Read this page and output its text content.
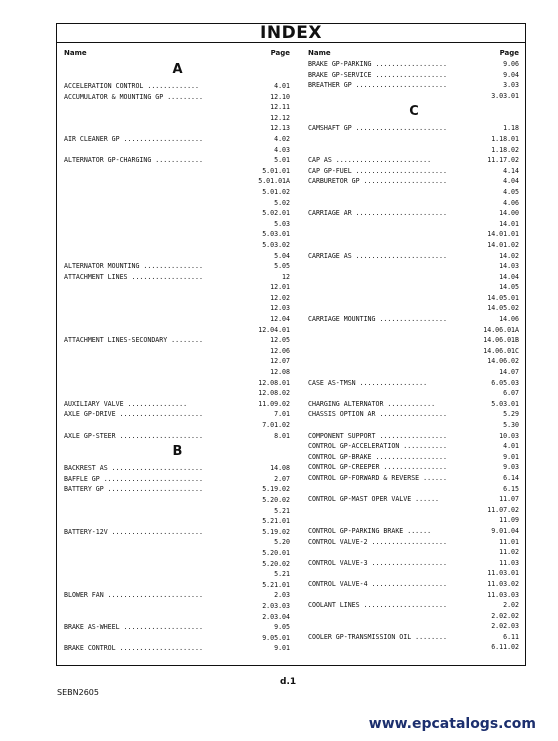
INDEX
Name	Page
A
ACCELERATION CONTROL .............	4.01
ACCUMULATOR & MOUNTING GP .........	12.10
12.11
12.12
12.13
AIR CLEANER GP ....................	4.02
4.03
ALTERNATOR GP-CHARGING ............	5.01
5.01.01
5.01.01A
5.01.02
5.02
5.02.01
5.03
5.03.01
5.03.02
5.04
ALTERNATOR MOUNTING ...............	5.05
ATTACHMENT LINES ..................	12
12.01
12.02
12.03
12.04
12.04.01
ATTACHMENT LINES-SECONDARY ........	12.05
12.06
12.07
12.08
12.08.01
12.08.02
AUXILIARY VALVE ...............	11.09.02
AXLE GP-DRIVE .....................	7.01
7.01.02
AXLE GP-STEER .....................	8.01
B
BACKREST AS .......................	14.08
BAFFLE GP .........................	2.07
BATTERY GP ........................	5.19.02
5.20.02
5.21
5.21.01
BATTERY-12V .......................	5.19.02
5.20
5.20.01
5.20.02
5.21
5.21.01
BLOWER FAN ........................	2.03
2.03.03
2.03.04
BRAKE AS-WHEEL ....................	9.05
9.05.01
BRAKE CONTROL .....................	9.01
Name	Page
BRAKE GP-PARKING ..................	9.06
BRAKE GP-SERVICE ..................	9.04
BREATHER GP .......................	3.03
3.03.01
C
CAMSHAFT GP .......................	1.18
1.18.01
1.18.02
CAP AS ........................	11.17.02
CAP GP-FUEL .......................	4.14
CARBURETOR GP .....................	4.04
4.05
4.06
CARRIAGE AR .......................	14.00
14.01
14.01.01
14.01.02
CARRIAGE AS .......................	14.02
14.03
14.04
14.05
14.05.01
14.05.02
CARRIAGE MOUNTING .................	14.06
14.06.01A
14.06.01B
14.06.01C
14.06.02
14.07
CASE AS-TMSN .................	6.05.03
6.07
CHARGING ALTERNATOR ............	5.03.01
CHASSIS OPTION AR .................	5.29
5.30
COMPONENT SUPPORT .................	10.03
CONTROL GP-ACCELERATION ...........	4.01
CONTROL GP-BRAKE ..................	9.01
CONTROL GP-CREEPER ................	9.03
CONTROL GP-FORWARD & REVERSE ......	6.14
6.15
CONTROL GP-MAST OPER VALVE ......	11.07
11.07.02
11.09
CONTROL GP-PARKING BRAKE ......	9.01.04
CONTROL VALVE-2 ...................	11.01
11.02
CONTROL VALVE-3 ...................	11.03
11.03.01
CONTROL VALVE-4 ...................	11.03.02
11.03.03
COOLANT LINES .....................	2.02
2.02.02
2.02.03
COOLER GP-TRANSMISSION OIL ........	6.11
6.11.02
d.1
SEBN2605
www.epcatalogs.com
